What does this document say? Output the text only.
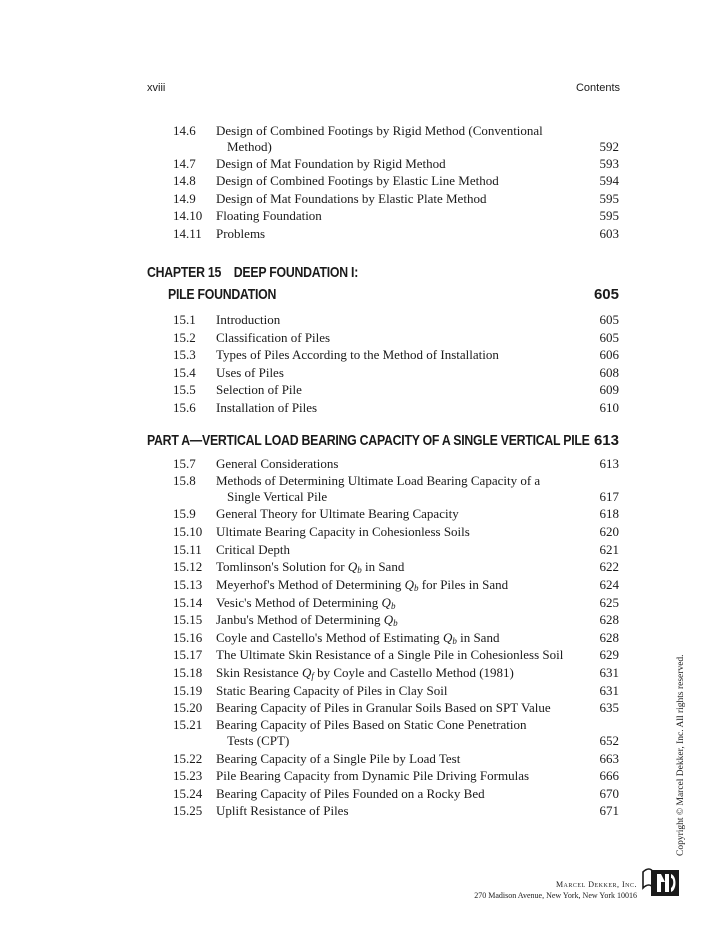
xviii	Contents
14.6 Design of Combined Footings by Rigid Method (Conventional
Method)	592
14.7 Design of Mat Foundation by Rigid Method	593
14.8 Design of Combined Footings by Elastic Line Method	594
14.9 Design of Mat Foundations by Elastic Plate Method	595
14.10 Floating Foundation	595
14.11 Problems	603
CHAPTER 15    DEEP FOUNDATION I:
PILE FOUNDATION	605
15.1 Introduction	605
15.2 Classification of Piles	605
15.3 Types of Piles According to the Method of Installation	606
15.4 Uses of Piles	608
15.5 Selection of Pile	609
15.6 Installation of Piles	610
PART A—VERTICAL LOAD BEARING CAPACITY OF A SINGLE VERTICAL PILE 613
15.7 General Considerations	613
15.8 Methods of Determining Ultimate Load Bearing Capacity of a
Single Vertical Pile	617
15.9 General Theory for Ultimate Bearing Capacity	618
15.10 Ultimate Bearing Capacity in Cohesionless Soils	620
15.11 Critical Depth	621
15.12 Tomlinson's Solution for $Q_b$ in Sand	622
15.13 Meyerhof's Method of Determining $Q_b$ for Piles in Sand	624
15.14 Vesic's Method of Determining $Q_b$	625
15.15 Janbu's Method of Determining $Q_b$	628
15.16 Coyle and Castello's Method of Estimating $Q_b$ in Sand	628
15.17 The Ultimate Skin Resistance of a Single Pile in Cohesionless Soil	629
15.18 Skin Resistance $Q_f$ by Coyle and Castello Method (1981)	631
15.19 Static Bearing Capacity of Piles in Clay Soil	631
15.20 Bearing Capacity of Piles in Granular Soils Based on SPT Value	635
15.21 Bearing Capacity of Piles Based on Static Cone Penetration
Tests (CPT)	652
15.22 Bearing Capacity of a Single Pile by Load Test	663
15.23 Pile Bearing Capacity from Dynamic Pile Driving Formulas	666
15.24 Bearing Capacity of Piles Founded on a Rocky Bed	670
15.25 Uplift Resistance of Piles	671	Copyright © Marcel Dekker, Inc. All rights reserved.
Marcel Dekker, Inc.
270 Madison Avenue, New York, New York 10016
